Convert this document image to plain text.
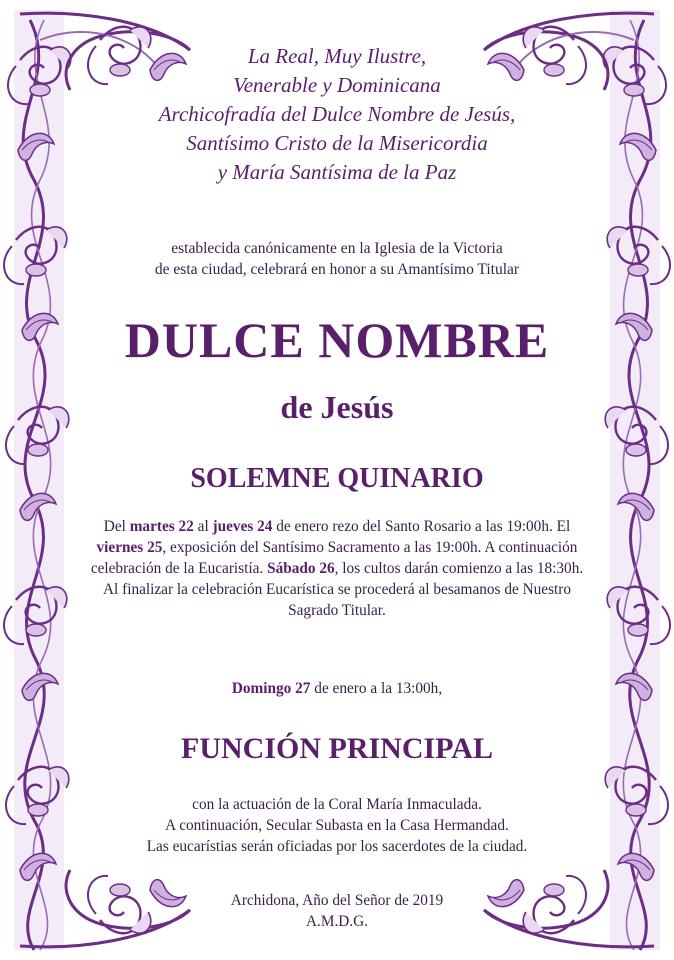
La Real, Muy Ilustre,
Venerable y Dominicana
Archicofradía del Dulce Nombre de Jesús,
Santísimo Cristo de la Misericordia
y María Santísima de la Paz
establecida canónicamente en la Iglesia de la Victoria
de esta ciudad, celebrará en honor a su Amantísimo Titular
DULCE NOMBRE
de Jesús
SOLEMNE QUINARIO
Del martes 22 al jueves 24 de enero rezo del Santo Rosario a las 19:00h. El viernes 25, exposición del Santísimo Sacramento a las 19:00h. A continuación celebración de la Eucaristía. Sábado 26, los cultos darán comienzo a las 18:30h. Al finalizar la celebración Eucarística se procederá al besamanos de Nuestro Sagrado Titular.
Domingo 27 de enero a la 13:00h,
FUNCIÓN PRINCIPAL
con la actuación de la Coral María Inmaculada.
A continuación, Secular Subasta en la Casa Hermandad.
Las eucarístias serán oficiadas por los sacerdotes de la ciudad.
Archidona, Año del Señor de 2019
A.M.D.G.
